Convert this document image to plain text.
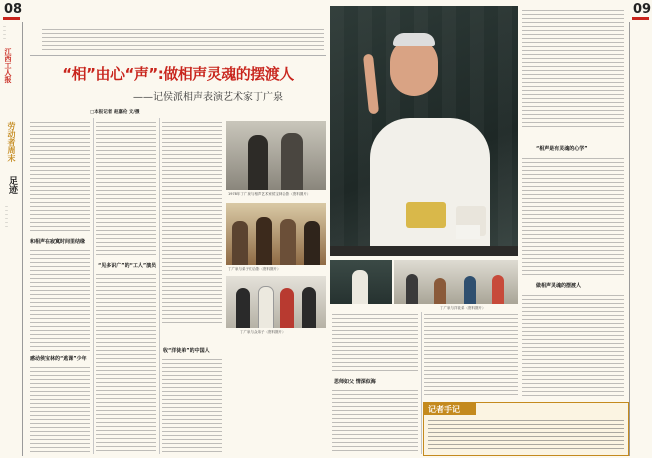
08	09
—
—
—
—
江西工人报
劳动者周末
足迹
—
—
—
—
—
—
“相”由心“声”:做相声灵魂的摆渡人
——记侯派相声表演艺术家丁广泉
□本报记者 赵嘉伦 文/摄
和相声在寂寞时间里结缘
感动侯宝林的“逃课”少年
“见多识广”的“工人”演员
收“洋徒弟”的中国人
1978年丁广泉与相声艺术家侯宝林合影（资料图片）
丁广泉与弟子们合影（资料图片）
丁广泉与众弟子（资料图片）
“相声是有灵魂的心学”
做相声灵魂的摆渡人
丁广泉与洋徒弟（资料图片）
思师如父 情深似海
记者手记
